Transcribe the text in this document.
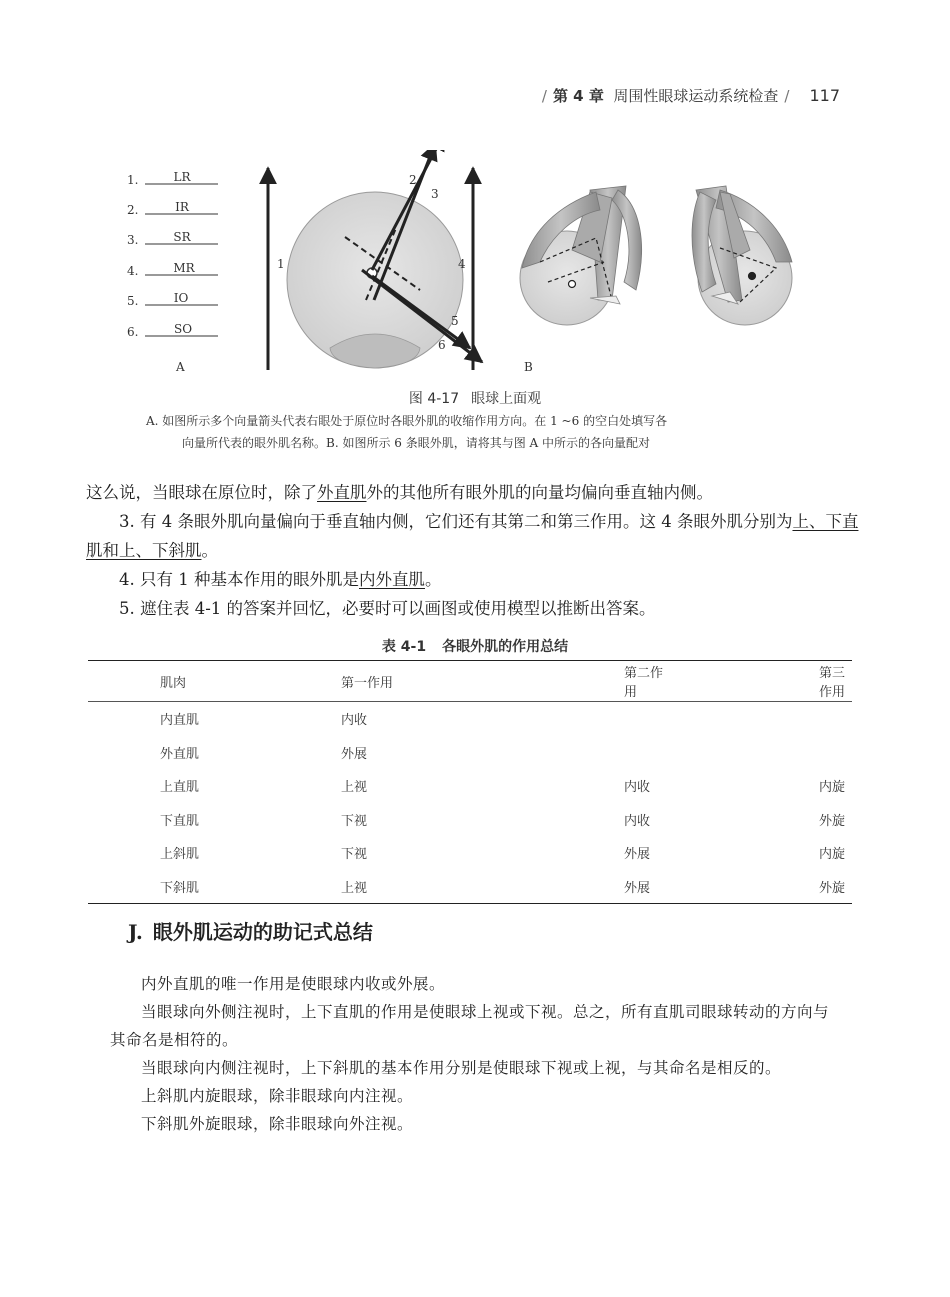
/ 第 4 章 周围性眼球运动系统检查 / 117
1.	LR
2.	IR
3.	SR
4.	MR
5.	IO
6.	SO
A
1
2
3
4
5
6
B
图 4-17 眼球上面观

A. 如图所示多个向量箭头代表右眼处于原位时各眼外肌的收缩作用方向。在 1 ~6 的空白处填写各

向量所代表的眼外肌名称。B. 如图所示 6 条眼外肌，请将其与图 A 中所示的各向量配对

这么说，当眼球在原位时，除了外直肌外的其他所有眼外肌的向量均偏向垂直轴内侧。

3. 有 4 条眼外肌向量偏向于垂直轴内侧，它们还有其第二和第三作用。这 4 条眼外肌分别为上、下直肌和上、下斜肌。

4. 只有 1 种基本作用的眼外肌是内外直肌。

5. 遮住表 4-1 的答案并回忆，必要时可以画图或使用模型以推断出答案。

表 4-1 各眼外肌的作用总结
肌肉	第一作用	第二作用	第三作用
内直肌	内收		
外直肌	外展		
上直肌	上视	内收	内旋
下直肌	下视	内收	外旋
上斜肌	下视	外展	内旋
下斜肌	上视	外展	外旋
J. 眼外肌运动的助记式总结

内外直肌的唯一作用是使眼球内收或外展。

当眼球向外侧注视时，上下直肌的作用是使眼球上视或下视。总之，所有直肌司眼球转动的方向与其命名是相符的。

当眼球向内侧注视时，上下斜肌的基本作用分别是使眼球下视或上视，与其命名是相反的。

上斜肌内旋眼球，除非眼球向内注视。

下斜肌外旋眼球，除非眼球向外注视。
